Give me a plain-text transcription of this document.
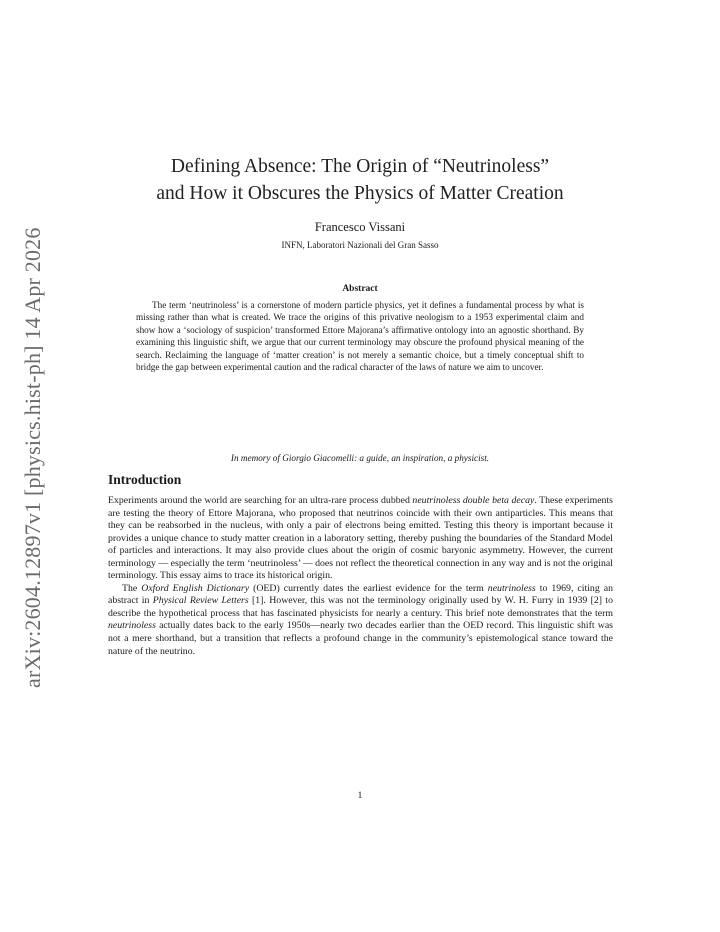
arXiv:2604.12897v1 [physics.hist-ph] 14 Apr 2026
Defining Absence: The Origin of “Neutrinoless”
and How it Obscures the Physics of Matter Creation
Francesco Vissani
INFN, Laboratori Nazionali del Gran Sasso
Abstract

The term ‘neutrinoless’ is a cornerstone of modern particle physics, yet it defines a fundamental process by what is missing rather than what is created. We trace the origins of this privative neologism to a 1953 experimental claim and show how a ‘sociology of suspicion’ transformed Ettore Majorana’s affirmative ontology into an agnostic shorthand. By examining this linguistic shift, we argue that our current terminology may obscure the profound physical meaning of the search. Reclaiming the language of ‘matter creation’ is not merely a semantic choice, but a timely conceptual shift to bridge the gap between experimental caution and the radical character of the laws of nature we aim to uncover.

In memory of Giorgio Giacomelli: a guide, an inspiration, a physicist.
Introduction

Experiments around the world are searching for an ultra-rare process dubbed neutrinoless double beta decay. These experiments are testing the theory of Ettore Majorana, who proposed that neutrinos coincide with their own antiparticles. This means that they can be reabsorbed in the nucleus, with only a pair of electrons being emitted. Testing this theory is important because it provides a unique chance to study matter creation in a laboratory setting, thereby pushing the boundaries of the Standard Model of particles and interactions. It may also provide clues about the origin of cosmic baryonic asymmetry. However, the current terminology — especially the term ‘neutrinoless’ — does not reflect the theoretical connection in any way and is not the original terminology. This essay aims to trace its historical origin.

The Oxford English Dictionary (OED) currently dates the earliest evidence for the term neutrinoless to 1969, citing an abstract in Physical Review Letters [1]. However, this was not the terminology originally used by W. H. Furry in 1939 [2] to describe the hypothetical process that has fascinated physicists for nearly a century. This brief note demonstrates that the term neutrinoless actually dates back to the early 1950s—nearly two decades earlier than the OED record. This linguistic shift was not a mere shorthand, but a transition that reflects a profound change in the community’s epistemological stance toward the nature of the neutrino.

1
